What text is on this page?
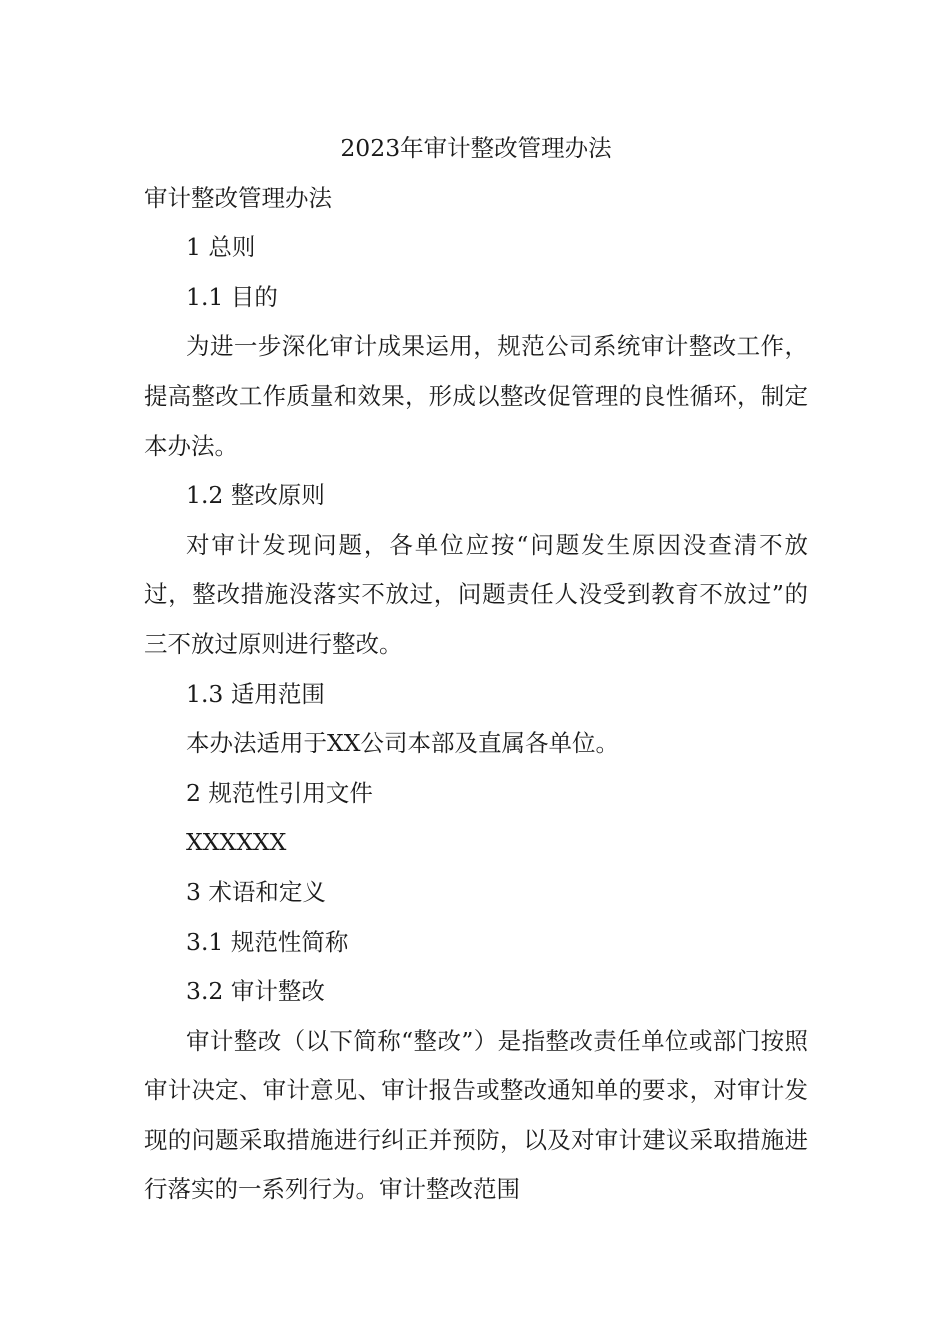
2023年审计整改管理办法

审计整改管理办法

1 总则

1.1 目的

为进一步深化审计成果运用，规范公司系统审计整改工作，提高整改工作质量和效果，形成以整改促管理的良性循环，制定本办法。

1.2 整改原则

对审计发现问题，各单位应按“问题发生原因没查清不放过，整改措施没落实不放过，问题责任人没受到教育不放过”的三不放过原则进行整改。

1.3 适用范围

本办法适用于XX公司本部及直属各单位。

2 规范性引用文件

XXXXXX

3 术语和定义

3.1 规范性简称

3.2 审计整改

审计整改（以下简称“整改”）是指整改责任单位或部门按照审计决定、审计意见、审计报告或整改通知单的要求，对审计发现的问题采取措施进行纠正并预防，以及对审计建议采取措施进行落实的一系列行为。审计整改范围
